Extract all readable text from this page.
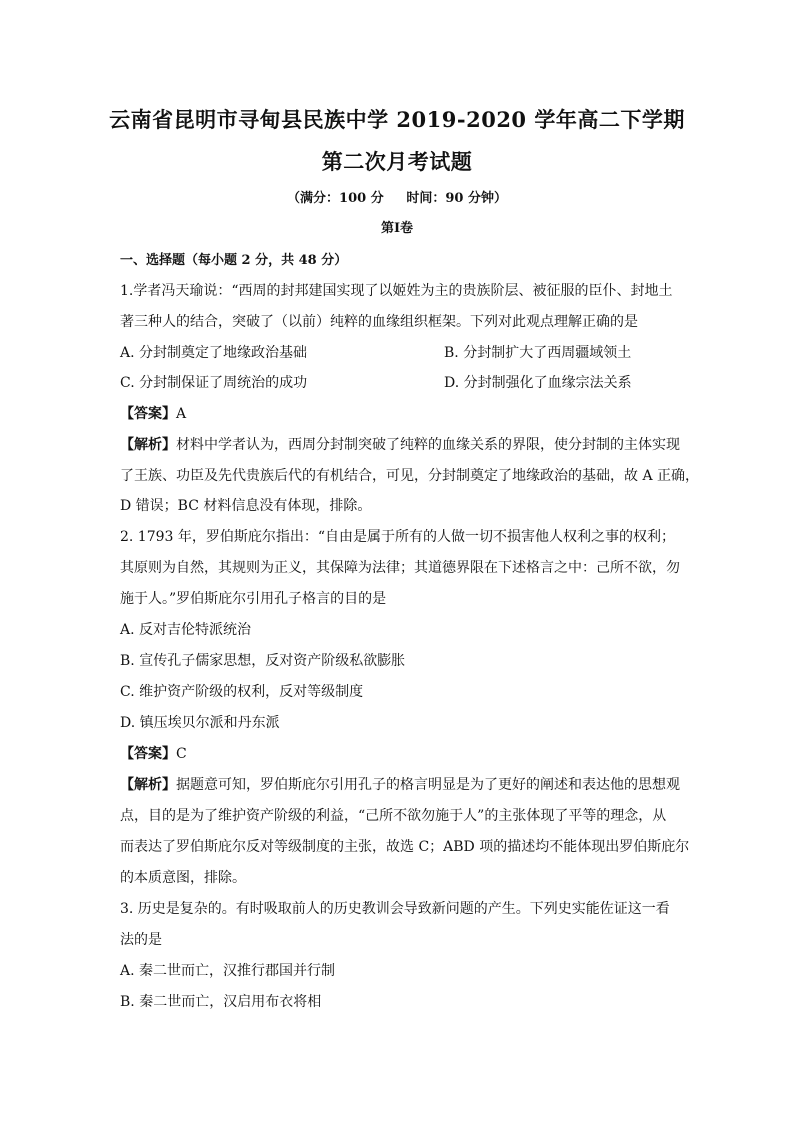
云南省昆明市寻甸县民族中学 2019-2020 学年高二下学期
第二次月考试题
（满分：100 分     时间：90 分钟）
第Ⅰ卷
一、选择题（每小题 2 分，共 48 分）
1.学者冯天瑜说：“西周的封邦建国实现了以姬姓为主的贵族阶层、被征服的臣仆、封地土
著三种人的结合，突破了（以前）纯粹的血缘组织框架。下列对此观点理解正确的是
A. 分封制奠定了地缘政治基础	B. 分封制扩大了西周疆域领土
C. 分封制保证了周统治的成功	D. 分封制强化了血缘宗法关系
【答案】A
【解析】材料中学者认为，西周分封制突破了纯粹的血缘关系的界限，使分封制的主体实现
了王族、功臣及先代贵族后代的有机结合，可见，分封制奠定了地缘政治的基础，故 A 正确，
D 错误；BC 材料信息没有体现，排除。
2. 1793 年，罗伯斯庇尔指出：“自由是属于所有的人做一切不损害他人权利之事的权利；
其原则为自然，其规则为正义，其保障为法律；其道德界限在下述格言之中：己所不欲，勿
施于人。”罗伯斯庇尔引用孔子格言的目的是
A. 反对吉伦特派统治
B. 宣传孔子儒家思想，反对资产阶级私欲膨胀
C. 维护资产阶级的权利，反对等级制度
D. 镇压埃贝尔派和丹东派
【答案】C
【解析】据题意可知，罗伯斯庇尔引用孔子的格言明显是为了更好的阐述和表达他的思想观
点，目的是为了维护资产阶级的利益，“己所不欲勿施于人”的主张体现了平等的理念，从
而表达了罗伯斯庇尔反对等级制度的主张，故选 C；ABD 项的描述均不能体现出罗伯斯庇尔
的本质意图，排除。
3. 历史是复杂的。有时吸取前人的历史教训会导致新问题的产生。下列史实能佐证这一看
法的是
A. 秦二世而亡，汉推行郡国并行制
B. 秦二世而亡，汉启用布衣将相
